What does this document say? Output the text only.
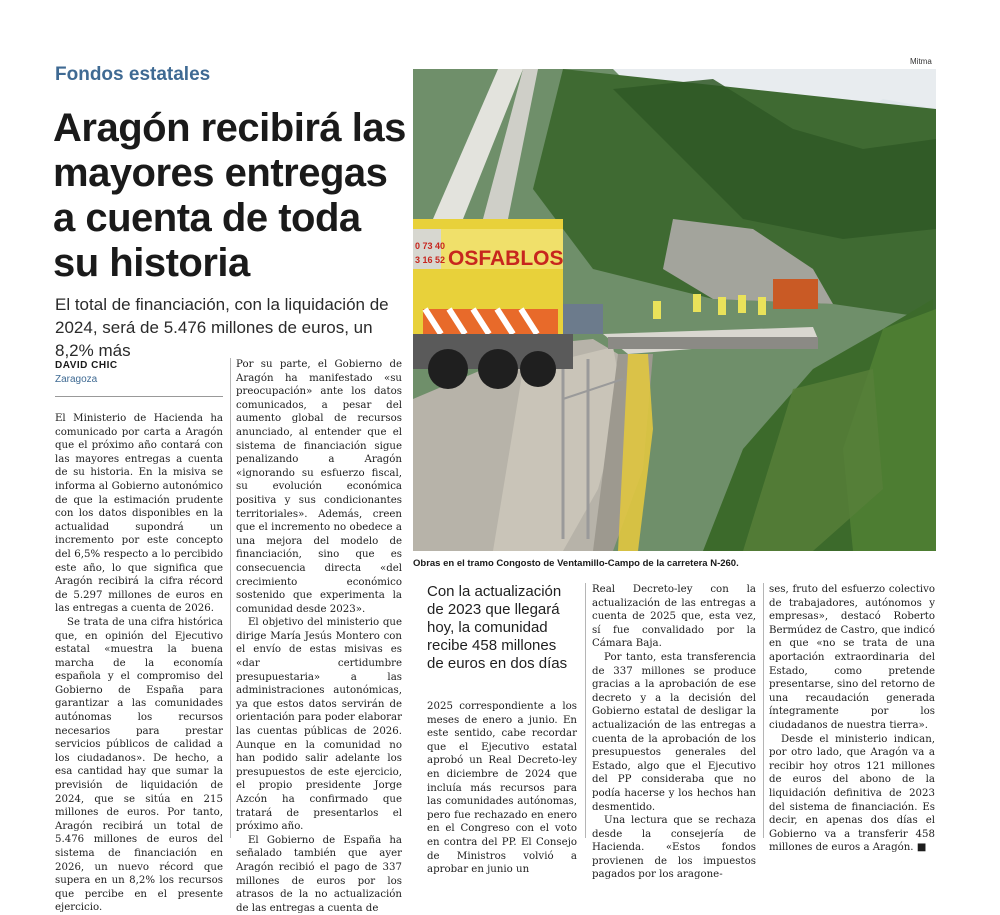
Fondos estatales
Aragón recibirá las mayores entregas a cuenta de toda su historia
El total de financiación, con la liquidación de 2024, será de 5.476 millones de euros, un 8,2% más
DAVID CHIC
Zaragoza

El Ministerio de Hacienda ha comunicado por carta a Aragón que el próximo año contará con las mayores entregas a cuenta de su historia. En la misiva se informa al Gobierno autonómico de que la estimación prudente con los datos disponibles en la actualidad supondrá un incremento por este concepto del 6,5% respecto a lo percibido este año, lo que significa que Aragón recibirá la cifra récord de 5.297 millones de euros en las entregas a cuenta de 2026.

Se trata de una cifra histórica que, en opinión del Ejecutivo estatal «muestra la buena marcha de la economía española y el compromiso del Gobierno de España para garantizar a las comunidades autónomas los recursos necesarios para prestar servicios públicos de calidad a los ciudadanos». De hecho, a esa cantidad hay que sumar la previsión de liquidación de 2024, que se sitúa en 215 millones de euros. Por tanto, Aragón recibirá un total de 5.476 millones de euros del sistema de financiación en 2026, un nuevo récord que supera en un 8,2% los recursos que percibe en el presente ejercicio.

Por su parte, el Gobierno de Aragón ha manifestado «su preocupación» ante los datos comunicados, a pesar del aumento global de recursos anunciado, al entender que el sistema de financiación sigue penalizando a Aragón «ignorando su esfuerzo fiscal, su evolución económica positiva y sus condicionantes territoriales». Además, creen que el incremento no obedece a una mejora del modelo de financiación, sino que es consecuencia directa «del crecimiento económico sostenido que experimenta la comunidad desde 2023».

El objetivo del ministerio que dirige María Jesús Montero con el envío de estas misivas es «dar certidumbre presupuestaria» a las administraciones autonómicas, ya que estos datos servirán de orientación para poder elaborar las cuentas públicas de 2026. Aunque en la comunidad no han podido salir adelante los presupuestos de este ejercicio, el propio presidente Jorge Azcón ha confirmado que tratará de presentarlos el próximo año.

El Gobierno de España ha señalado también que ayer Aragón recibió el pago de 337 millones de euros por los atrasos de la no actualización de las entregas a cuenta de

Mitma
OSFABLOS
0 73 40
3 16 52
Obras en el tramo Congosto de Ventamillo-Campo de la carretera N-260.
Con la actualización de 2023 que llegará hoy, la comunidad recibe 458 millones de euros en dos días

2025 correspondiente a los meses de enero a junio. En este sentido, cabe recordar que el Ejecutivo estatal aprobó un Real Decreto-ley en diciembre de 2024 que incluía más recursos para las comunidades autónomas, pero fue rechazado en enero en el Congreso con el voto en contra del PP. El Consejo de Ministros volvió a aprobar en junio un

Real Decreto-ley con la actualización de las entregas a cuenta de 2025 que, esta vez, sí fue convalidado por la Cámara Baja.

Por tanto, esta transferencia de 337 millones se produce gracias a la aprobación de ese decreto y a la decisión del Gobierno estatal de desligar la actualización de las entregas a cuenta de la aprobación de los presupuestos generales del Estado, algo que el Ejecutivo del PP consideraba que no podía hacerse y los hechos han desmentido.

Una lectura que se rechaza desde la consejería de Hacienda. «Estos fondos provienen de los impuestos pagados por los aragone-

ses, fruto del esfuerzo colectivo de trabajadores, autónomos y empresas», destacó Roberto Bermúdez de Castro, que indicó en que «no se trata de una aportación extraordinaria del Estado, como pretende presentarse, sino del retorno de una recaudación generada íntegramente por los ciudadanos de nuestra tierra».

Desde el ministerio indican, por otro lado, que Aragón va a recibir hoy otros 121 millones de euros del abono de la liquidación definitiva de 2023 del sistema de financiación. Es decir, en apenas dos días el Gobierno va a transferir 458 millones de euros a Aragón. ■
